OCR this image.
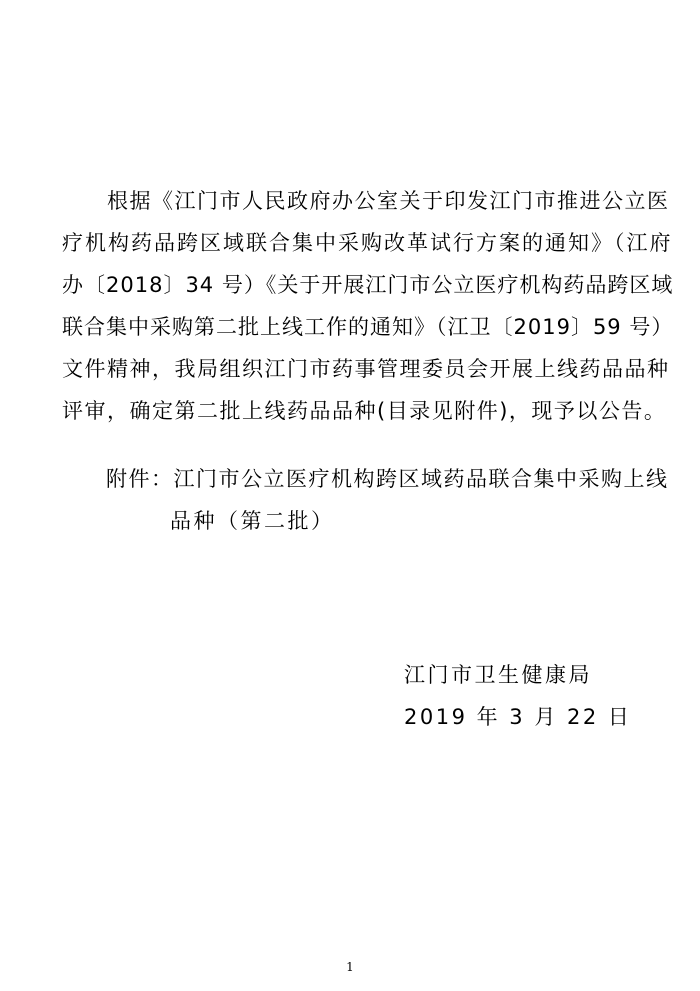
　　根据《江门市人民政府办公室关于印发江门市推进公立医
疗机构药品跨区域联合集中采购改革试行方案的通知》（江府
办〔2018〕34 号）《关于开展江门市公立医疗机构药品跨区域
联合集中采购第二批上线工作的通知》（江卫〔2019〕59 号）
文件精神，我局组织江门市药事管理委员会开展上线药品品种
评审，确定第二批上线药品品种(目录见附件)，现予以公告。
附件：江门市公立医疗机构跨区域药品联合集中采购上线
品种（第二批）
江门市卫生健康局
2019 年 3 月 22 日
1
